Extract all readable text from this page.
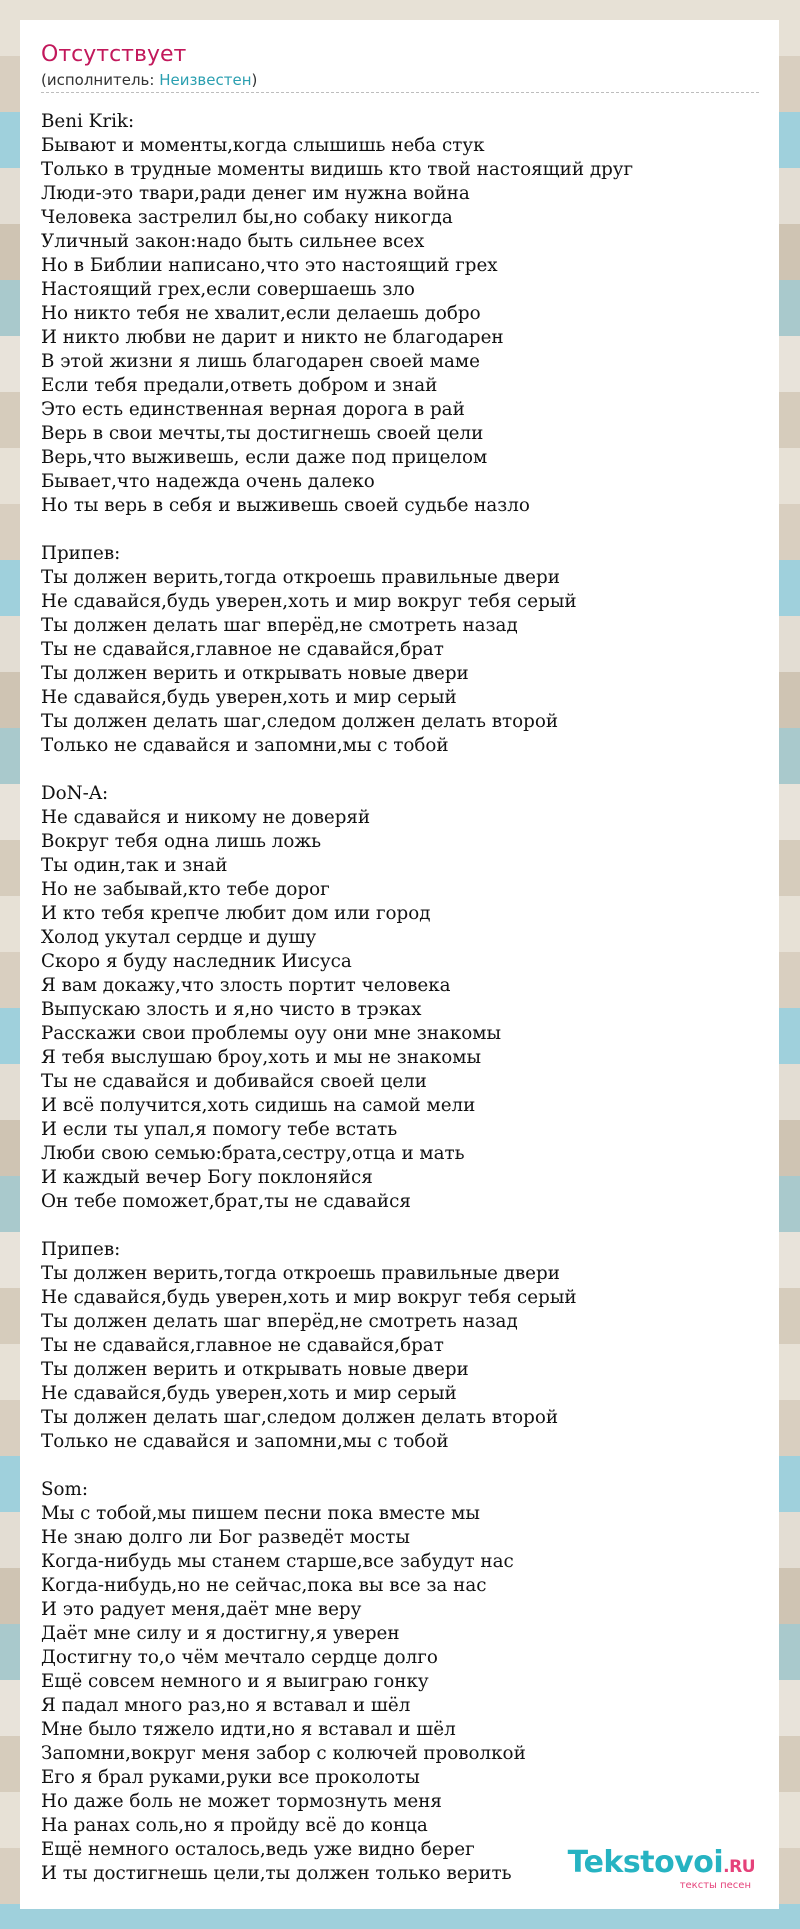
Отсутствует
(исполнитель: Неизвестен)
Beni Krik:
Бывают и моменты,когда слышишь неба стук
Только в трудные моменты видишь кто твой настоящий друг
Люди-это твари,ради денег им нужна война
Человека застрелил бы,но собаку никогда
Уличный закон:надо быть сильнее всех
Но в Библии написано,что это настоящий грех
Настоящий грех,если совершаешь зло
Но никто тебя не хвалит,если делаешь добро
И никто любви не дарит и никто не благодарен
В этой жизни я лишь благодарен своей маме
Если тебя предали,ответь добром и знай
Это есть единственная верная дорога в рай
Верь в свои мечты,ты достигнешь своей цели
Верь,что выживешь, если даже под прицелом
Бывает,что надежда очень далеко
Но ты верь в себя и выживешь своей судьбе назло
Припев:
Ты должен верить,тогда откроешь правильные двери
Не сдавайся,будь уверен,хоть и мир вокруг тебя серый
Ты должен делать шаг вперёд,не смотреть назад
Ты не сдавайся,главное не сдавайся,брат
Ты должен верить и открывать новые двери
Не сдавайся,будь уверен,хоть и мир серый
Ты должен делать шаг,следом должен делать второй
Только не сдавайся и запомни,мы с тобой
DoN-A:
Не сдавайся и никому не доверяй
Вокруг тебя одна лишь ложь
Ты один,так и знай
Но не забывай,кто тебе дорог
И кто тебя крепче любит дом или город
Холод укутал сердце и душу
Скоро я буду наследник Иисуса
Я вам докажу,что злость портит человека
Выпускаю злость и я,но чисто в трэках
Расскажи свои проблемы оуу они мне знакомы
Я тебя выслушаю броу,хоть и мы не знакомы
Ты не сдавайся и добивайся своей цели
И всё получится,хоть сидишь на самой мели
И если ты упал,я помогу тебе встать
Люби свою семью:брата,сестру,отца и мать
И каждый вечер Богу поклоняйся
Он тебе поможет,брат,ты не сдавайся
Припев:
Ты должен верить,тогда откроешь правильные двери
Не сдавайся,будь уверен,хоть и мир вокруг тебя серый
Ты должен делать шаг вперёд,не смотреть назад
Ты не сдавайся,главное не сдавайся,брат
Ты должен верить и открывать новые двери
Не сдавайся,будь уверен,хоть и мир серый
Ты должен делать шаг,следом должен делать второй
Только не сдавайся и запомни,мы с тобой
Som:
Мы с тобой,мы пишем песни пока вместе мы
Не знаю долго ли Бог разведёт мосты
Когда-нибудь мы станем старше,все забудут нас
Когда-нибудь,но не сейчас,пока вы все за нас
И это радует меня,даёт мне веру
Даёт мне силу и я достигну,я уверен
Достигну то,о чём мечтало сердце долго
Ещё совсем немного и я выиграю гонку
Я падал много раз,но я вставал и шёл
Мне было тяжело идти,но я вставал и шёл
Запомни,вокруг меня забор с колючей проволкой
Его я брал руками,руки все проколоты
Но даже боль не может тормознуть меня
На ранах соль,но я пройду всё до конца
Ещё немного осталось,ведь уже видно берег
И ты достигнешь цели,ты должен только верить	Tekstovoi.RU
тексты песен
